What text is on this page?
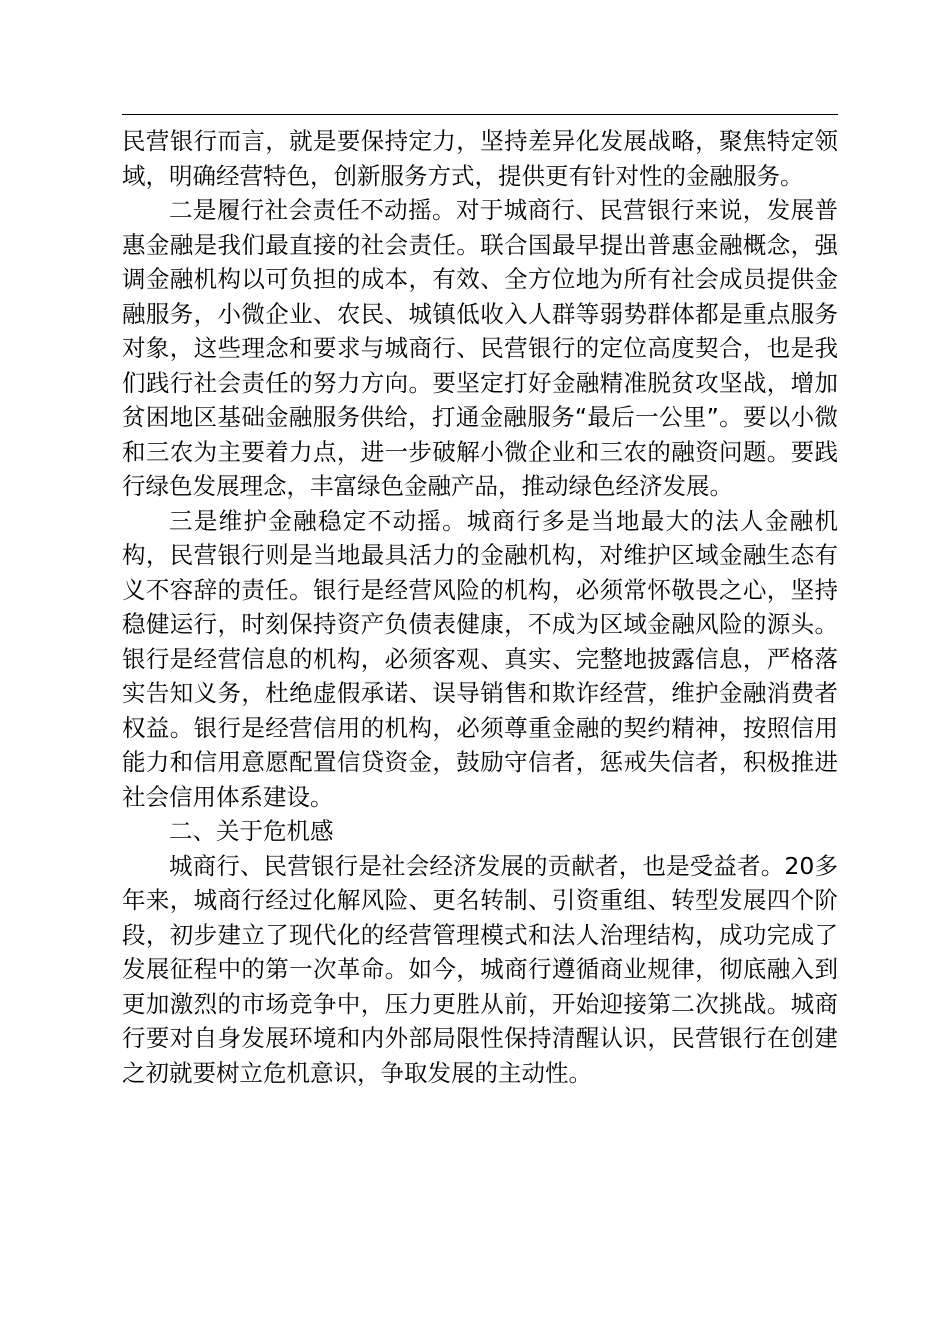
民营银行而言，就是要保持定力，坚持差异化发展战略，聚焦特定领域，明确经营特色，创新服务方式，提供更有针对性的金融服务。

二是履行社会责任不动摇。对于城商行、民营银行来说，发展普惠金融是我们最直接的社会责任。联合国最早提出普惠金融概念，强调金融机构以可负担的成本，有效、全方位地为所有社会成员提供金融服务，小微企业、农民、城镇低收入人群等弱势群体都是重点服务对象，这些理念和要求与城商行、民营银行的定位高度契合，也是我们践行社会责任的努力方向。要坚定打好金融精准脱贫攻坚战，增加贫困地区基础金融服务供给，打通金融服务“最后一公里”。要以小微和三农为主要着力点，进一步破解小微企业和三农的融资问题。要践行绿色发展理念，丰富绿色金融产品，推动绿色经济发展。

三是维护金融稳定不动摇。城商行多是当地最大的法人金融机构，民营银行则是当地最具活力的金融机构，对维护区域金融生态有义不容辞的责任。银行是经营风险的机构，必须常怀敬畏之心，坚持稳健运行，时刻保持资产负债表健康，不成为区域金融风险的源头。银行是经营信息的机构，必须客观、真实、完整地披露信息，严格落实告知义务，杜绝虚假承诺、误导销售和欺诈经营，维护金融消费者权益。银行是经营信用的机构，必须尊重金融的契约精神，按照信用能力和信用意愿配置信贷资金，鼓励守信者，惩戒失信者，积极推进社会信用体系建设。

二、关于危机感

城商行、民营银行是社会经济发展的贡献者，也是受益者。20多年来，城商行经过化解风险、更名转制、引资重组、转型发展四个阶段，初步建立了现代化的经营管理模式和法人治理结构，成功完成了发展征程中的第一次革命。如今，城商行遵循商业规律，彻底融入到更加激烈的市场竞争中，压力更胜从前，开始迎接第二次挑战。城商行要对自身发展环境和内外部局限性保持清醒认识，民营银行在创建之初就要树立危机意识，争取发展的主动性。
